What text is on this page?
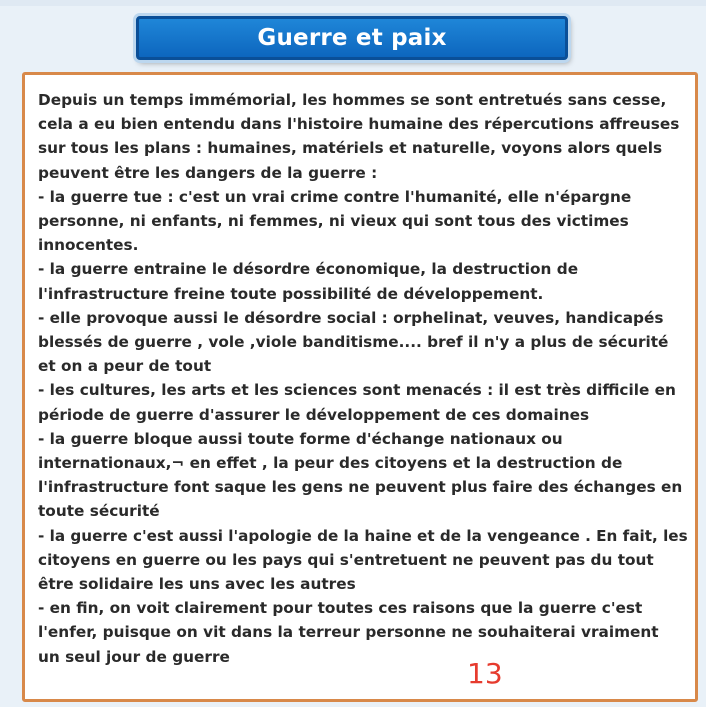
Guerre et paix
Depuis un temps immémorial, les hommes se sont entretués sans cesse,
cela a eu bien entendu dans l'histoire humaine des répercutions affreuses
sur tous les plans : humaines, matériels et naturelle, voyons alors quels
peuvent être les dangers de la guerre :
- la guerre tue : c'est un vrai crime contre l'humanité, elle n'épargne
personne, ni enfants, ni femmes, ni vieux qui sont tous des victimes
innocentes.
- la guerre entraine le désordre économique, la destruction de
l'infrastructure freine toute possibilité de développement.
- elle provoque aussi le désordre social : orphelinat, veuves, handicapés
blessés de guerre , vole ,viole banditisme.... bref il n'y a plus de sécurité
et on a peur de tout
- les cultures, les arts et les sciences sont menacés : il est très difficile en
période de guerre d'assurer le développement de ces domaines
- la guerre bloque aussi toute forme d'échange nationaux ou
internationaux,¬ en effet , la peur des citoyens et la destruction de
l'infrastructure font saque les gens ne peuvent plus faire des échanges en
toute sécurité
- la guerre c'est aussi l'apologie de la haine et de la vengeance . En fait, les
citoyens en guerre ou les pays qui s'entretuent ne peuvent pas du tout
être solidaire les uns avec les autres
- en fin, on voit clairement pour toutes ces raisons que la guerre c'est
l'enfer, puisque on vit dans la terreur personne ne souhaiterai vraiment
un seul jour de guerre
13
